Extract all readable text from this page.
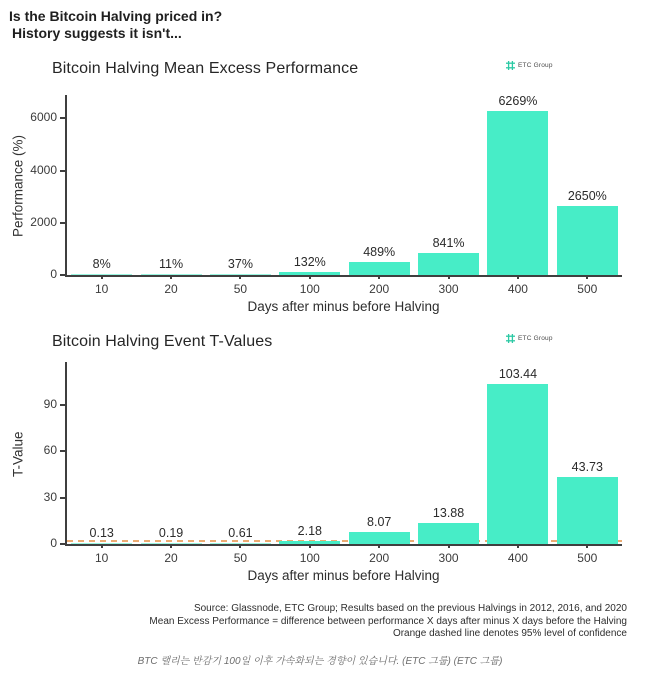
Is the Bitcoin Halving priced in?
History suggests it isn't...
Bitcoin Halving Mean Excess Performance	ETC Group
Performance (%)
0
2000
4000
6000
8%
10
11%
20
37%
50
132%
100
489%
200
841%
300
6269%
400
2650%
500
Days after minus before Halving
Bitcoin Halving Event T-Values	ETC Group
T-Value
0
30
60
90
0.13
10
0.19
20
0.61
50
2.18
100
8.07
200
13.88
300
103.44
400
43.73
500
Days after minus before Halving
Source: Glassnode, ETC Group; Results based on the previous Halvings in 2012, 2016, and 2020
Mean Excess Performance = difference between performance X days after minus X days before the Halving
Orange dashed line denotes 95% level of confidence
BTC 랠리는 반감기 100일 이후 가속화되는 경향이 있습니다. (ETC 그룹) (ETC 그룹)
